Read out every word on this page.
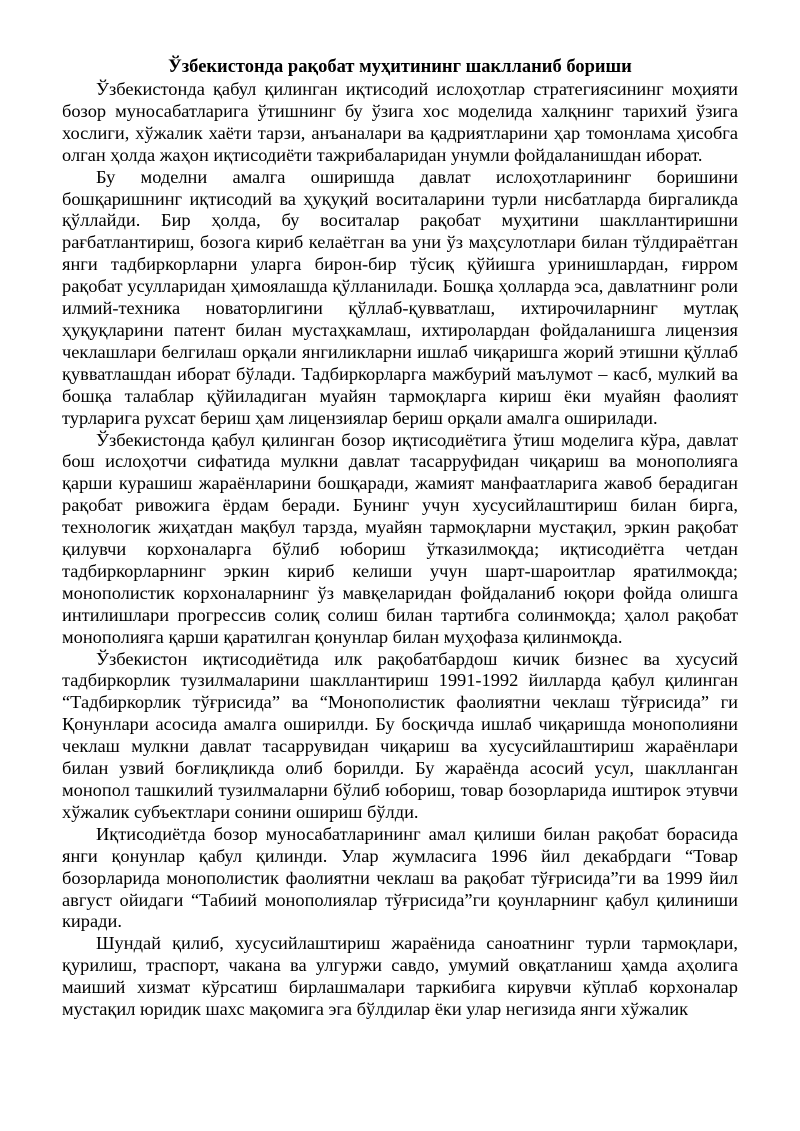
Ўзбекистонда рақобат муҳитининг шаклланиб бориши

Ўзбекистонда қабул қилинган иқтисодий ислоҳотлар стратегиясининг моҳияти бозор муносабатларига ўтишнинг бу ўзига хос моделида халқнинг тарихий ўзига хослиги, хўжалик хаёти тарзи, анъаналари ва қадриятларини ҳар томонлама ҳисобга олган ҳолда жаҳон иқтисодиёти тажрибаларидан унумли фойдаланишдан иборат.

Бу моделни амалга оширишда давлат ислоҳотларининг боришини бошқаришнинг иқтисодий ва ҳуқуқий воситаларини турли нисбатларда биргаликда қўллайди. Бир ҳолда, бу воситалар рақобат муҳитини шакллантиришни рағбатлантириш, бозога кириб келаётган ва уни ўз маҳсулотлари билан тўлдираётган янги тадбиркорларни уларга бирон-бир тўсиқ қўйишга уринишлардан, ғирром рақобат усулларидан ҳимоялашда қўлланилади. Бошқа ҳолларда эса, давлатнинг роли илмий-техника новаторлигини қўллаб-қувватлаш, ихтирочиларнинг мутлақ ҳуқуқларини патент билан мустаҳкамлаш, ихтиролардан фойдаланишга лицензия чеклашлари белгилаш орқали янгиликларни ишлаб чиқаришга жорий этишни қўллаб қувватлашдан иборат бўлади. Тадбиркорларга мажбурий маълумот – касб, мулкий ва бошқа талаблар қўйиладиган муайян тармоқларга кириш ёки муайян фаолият турларига рухсат бериш ҳам лицензиялар бериш орқали амалга оширилади.

Ўзбекистонда қабул қилинган бозор иқтисодиётига ўтиш моделига кўра, давлат бош ислоҳотчи сифатида мулкни давлат тасарруфидан чиқариш ва монополияга қарши курашиш жараёнларини бошқаради, жамият манфаатларига жавоб берадиган рақобат ривожига ёрдам беради. Бунинг учун хусусийлаштириш билан бирга, технологик жиҳатдан мақбул тарзда, муайян тармоқларни мустақил, эркин рақобат қилувчи корхоналарга бўлиб юбориш ўтказилмоқда; иқтисодиётга четдан тадбиркорларнинг эркин кириб келиши учун шарт-шароитлар яратилмоқда; монополистик корхоналарнинг ўз мавқеларидан фойдаланиб юқори фойда олишга интилишлари прогрессив солиқ солиш билан тартибга солинмоқда; ҳалол рақобат монополияга қарши қаратилган қонунлар билан муҳофаза қилинмоқда.

Ўзбекистон иқтисодиётида илк рақобатбардош кичик бизнес ва хусусий тадбиркорлик тузилмаларини шакллантириш 1991-1992 йилларда қабул қилинган “Тадбиркорлик тўғрисида” ва “Монополистик фаолиятни чеклаш тўғрисида” ги Қонунлари асосида амалга оширилди. Бу босқичда ишлаб чиқаришда монополияни чеклаш мулкни давлат тасаррувидан чиқариш ва хусусийлаштириш жараёнлари билан узвий боғлиқликда олиб борилди. Бу жараёнда асосий усул, шаклланган монопол ташкилий тузилмаларни бўлиб юбориш, товар бозорларида иштирок этувчи хўжалик субъектлари сонини ошириш бўлди.

Иқтисодиётда бозор муносабатларининг амал қилиши билан рақобат борасида янги қонунлар қабул қилинди. Улар жумласига 1996 йил декабрдаги “Товар бозорларида монополистик фаолиятни чеклаш ва рақобат тўғрисида”ги ва 1999 йил август ойидаги “Табиий монополиялар тўғрисида”ги қоунларнинг қабул қилиниши киради.

Шундай қилиб, хусусийлаштириш жараёнида саноатнинг турли тармоқлари, қурилиш, траспорт, чакана ва улгуржи савдо, умумий овқатланиш ҳамда аҳолига маиший хизмат кўрсатиш бирлашмалари таркибига кирувчи кўплаб корхоналар мустақил юридик шахс мақомига эга бўлдилар ёки улар негизида янги хўжалик
